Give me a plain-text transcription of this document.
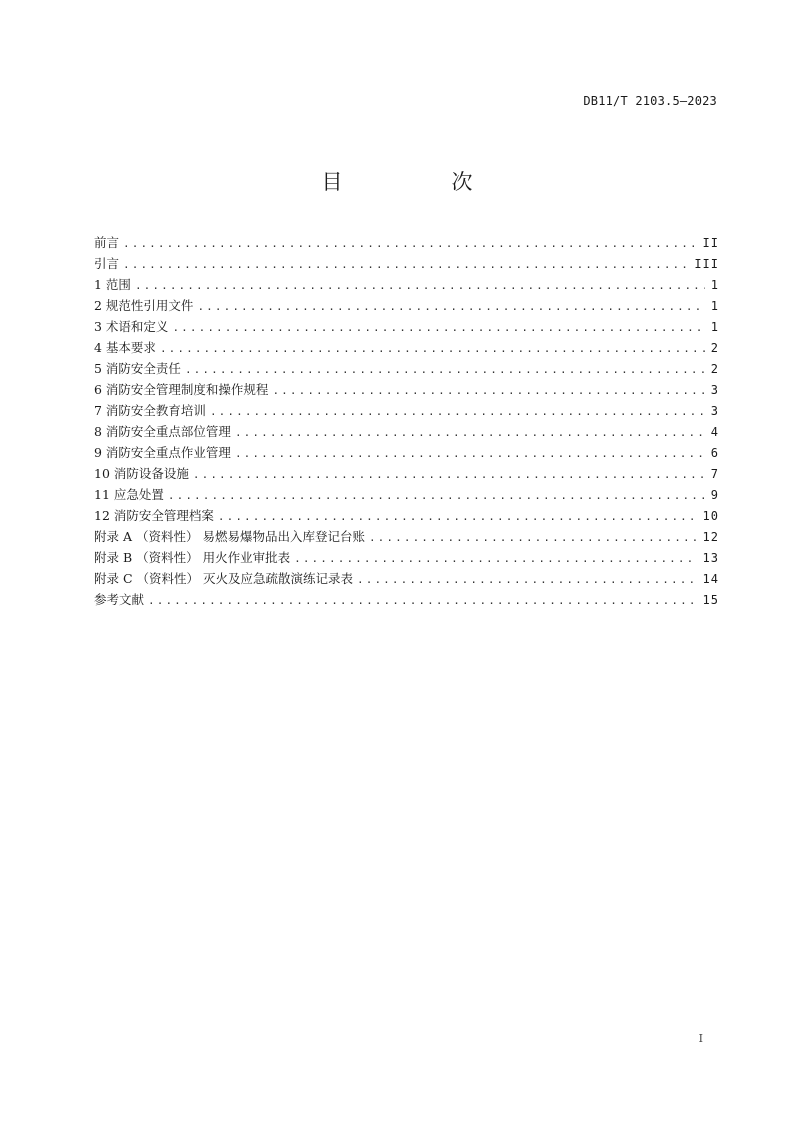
DB11/T 2103.5—2023
目　次
前言 .....	II
引言 .....	III
1 范围 .....	1
2 规范性引用文件 .....	1
3 术语和定义 .....	1
4 基本要求 .....	2
5 消防安全责任 .....	2
6 消防安全管理制度和操作规程 .....	3
7 消防安全教育培训 .....	3
8 消防安全重点部位管理 .....	4
9 消防安全重点作业管理 .....	6
10 消防设备设施 .....	7
11 应急处置 .....	9
12 消防安全管理档案 .....	10
附录 A （资料性） 易燃易爆物品出入库登记台账 .....	12
附录 B （资料性） 用火作业审批表 .....	13
附录 C （资料性） 灭火及应急疏散演练记录表 .....	14
参考文献 .....	15
I
